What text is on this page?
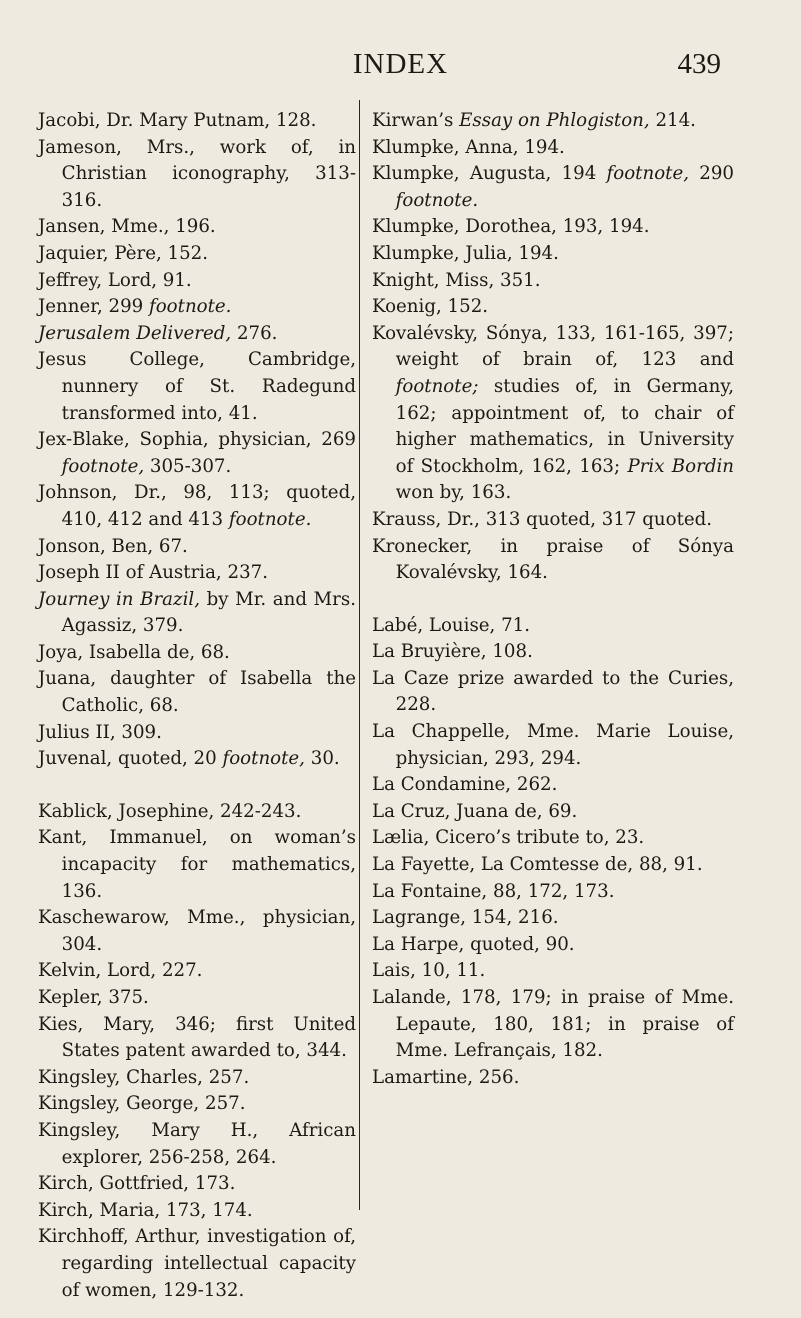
INDEX	439

Jacobi, Dr. Mary Putnam, 128.

Jameson, Mrs., work of, in Christian iconography, 313-316.

Jansen, Mme., 196.

Jaquier, Père, 152.

Jeffrey, Lord, 91.

Jenner, 299 footnote.

Jerusalem Delivered, 276.

Jesus College, Cambridge, nunnery of St. Radegund transformed into, 41.

Jex-Blake, Sophia, physician, 269 footnote, 305-307.

Johnson, Dr., 98, 113; quoted, 410, 412 and 413 footnote.

Jonson, Ben, 67.

Joseph II of Austria, 237.

Journey in Brazil, by Mr. and Mrs. Agassiz, 379.

Joya, Isabella de, 68.

Juana, daughter of Isabella the Catholic, 68.

Julius II, 309.

Juvenal, quoted, 20 footnote, 30.

Kablick, Josephine, 242-243.

Kant, Immanuel, on woman’s incapacity for mathematics, 136.

Kaschewarow, Mme., physician, 304.

Kelvin, Lord, 227.

Kepler, 375.

Kies, Mary, 346; first United States patent awarded to, 344.

Kingsley, Charles, 257.

Kingsley, George, 257.

Kingsley, Mary H., African explorer, 256-258, 264.

Kirch, Gottfried, 173.

Kirch, Maria, 173, 174.

Kirchhoff, Arthur, investigation of, regarding intellectual capacity of women, 129-132.

Kirwan’s Essay on Phlogiston, 214.

Klumpke, Anna, 194.

Klumpke, Augusta, 194 footnote, 290 footnote.

Klumpke, Dorothea, 193, 194.

Klumpke, Julia, 194.

Knight, Miss, 351.

Koenig, 152.

Kovalévsky, Sónya, 133, 161-165, 397; weight of brain of, 123 and footnote; studies of, in Germany, 162; appointment of, to chair of higher mathematics, in University of Stockholm, 162, 163; Prix Bordin won by, 163.

Krauss, Dr., 313 quoted, 317 quoted.

Kronecker, in praise of Sónya Kovalévsky, 164.

Labé, Louise, 71.

La Bruyière, 108.

La Caze prize awarded to the Curies, 228.

La Chappelle, Mme. Marie Louise, physician, 293, 294.

La Condamine, 262.

La Cruz, Juana de, 69.

Lælia, Cicero’s tribute to, 23.

La Fayette, La Comtesse de, 88, 91.

La Fontaine, 88, 172, 173.

Lagrange, 154, 216.

La Harpe, quoted, 90.

Lais, 10, 11.

Lalande, 178, 179; in praise of Mme. Lepaute, 180, 181; in praise of Mme. Lefrançais, 182.

Lamartine, 256.
